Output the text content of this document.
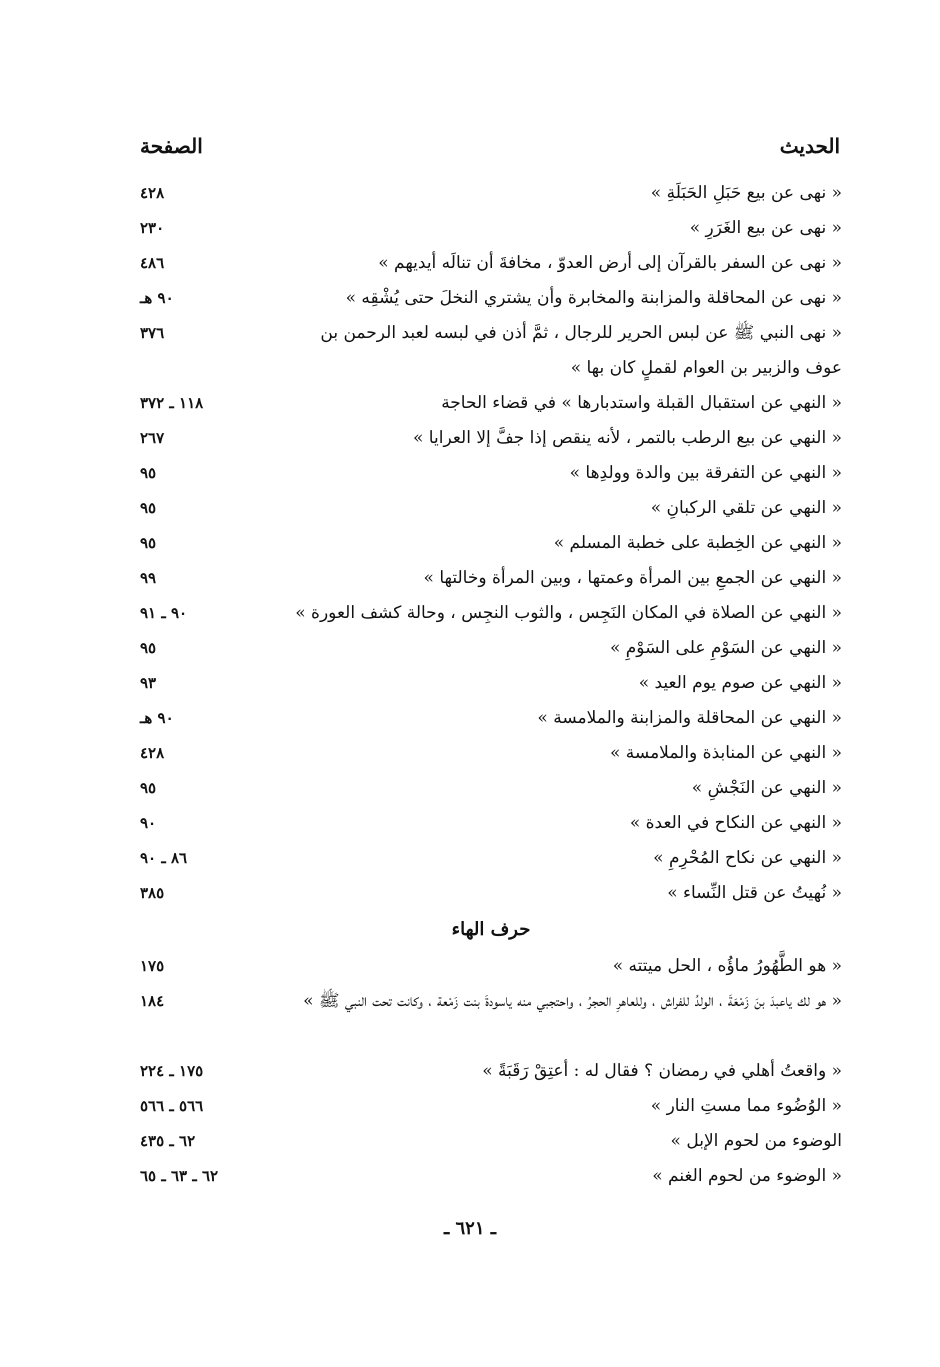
الحديث
الصفحة
« نهى عن بيع حَبَلِ الحَبَلَةِ »
٤٢٨
« نهى عن بيع الغَرَرِ »
٢٣٠
« نهى عن السفر بالقرآن إلى أرض العدوّ ، مخافةَ أن تنالَه أيديهم »
٤٨٦
« نهى عن المحاقلة والمزابنة والمخابرة وأن يشتري النخلَ حتى يُشْقِه »
٩٠ هـ
« نهى النبي ﷺ عن لبس الحرير للرجال ، ثمَّ أذن في لبسه لعبد الرحمن بن عوف والزبير بن العوام لقملٍ كان بها »
٣٧٦
« النهي عن استقبال القبلة واستدبارها » في قضاء الحاجة
١١٨ ـ ٣٧٢
« النهي عن بيع الرطب بالتمر ، لأنه ينقص إذا جفَّ إلا العرايا »
٢٦٧
« النهي عن التفرقة بين والدة وولدِها »
٩٥
« النهي عن تلقي الركبانِ »
٩٥
« النهي عن الخِطبة على خطبة المسلم »
٩٥
« النهي عن الجمعِ بين المرأة وعمتها ، وبين المرأة وخالتها »
٩٩
« النهي عن الصلاة في المكان النَجِس ، والثوب النجِس ، وحالة كشف العورة »
٩٠ ـ ٩١
« النهي عن السَوْمِ على السَوْمِ »
٩٥
« النهي عن صوم يوم العيد »
٩٣
« النهي عن المحاقلة والمزابنة والملامسة »
٩٠ هـ
« النهي عن المنابذة والملامسة »
٤٢٨
« النهي عن النَجْشِ »
٩٥
« النهي عن النكاح في العدة »
٩٠
« النهي عن نكاح المُحْرِمِ »
٨٦ ـ ٩٠
« نُهيتُ عن قتل النِّساء »
٣٨٥
حرف الهاء
« هو الطَّهُورُ ماؤُه ، الحل ميتته »
١٧٥
« هو لك ياعبدَ بنَ زَمْعَةَ ، الولدُ للفراش ، وللعاهرِ الحجرُ ، واحتجبي منه ياسودةَ بنت زَمْعة ، وكانت تحت النبي ﷺ »
١٨٤
« واقعتُ أهلي في رمضان ؟ فقال له : أعتِقْ رَقَبَةً »
١٧٥ ـ ٢٢٤
« الوُضُوء مما مستِ النار »
٥٦٦ ـ ٥٦٦
الوضوء من لحوم الإبل »
٦٢ ـ ٤٣٥
« الوضوء من لحوم الغنم »
٦٢ ـ ٦٣ ـ ٦٥
ـ ٦٢١ ـ
